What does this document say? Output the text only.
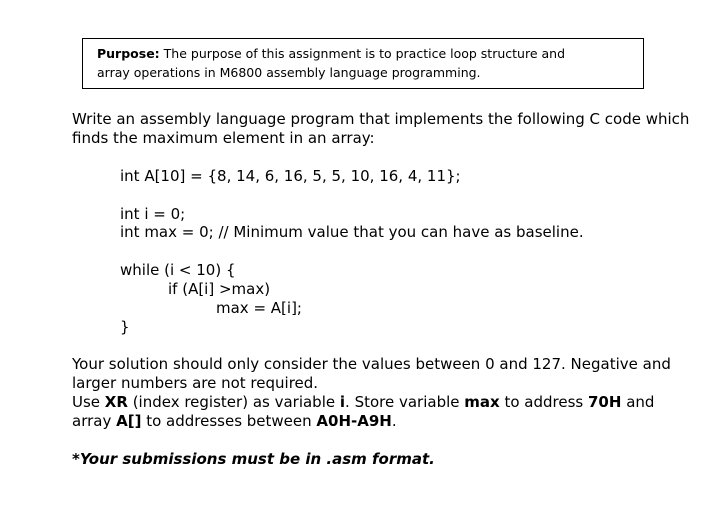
Purpose: The purpose of this assignment is to practice loop structure and
array operations in M6800 assembly language programming.
Write an assembly language program that implements the following C code which
finds the maximum element in an array:
int A[10] = {8, 14, 6, 16, 5, 5, 10, 16, 4, 11};
int i = 0;
int max = 0; // Minimum value that you can have as baseline.
while (i < 10) {
if (A[i] >max)
max = A[i];
}
Your solution should only consider the values between 0 and 127. Negative and
larger numbers are not required.
Use XR (index register) as variable i. Store variable max to address 70H and
array A[] to addresses between A0H-A9H.
*Your submissions must be in .asm format.
